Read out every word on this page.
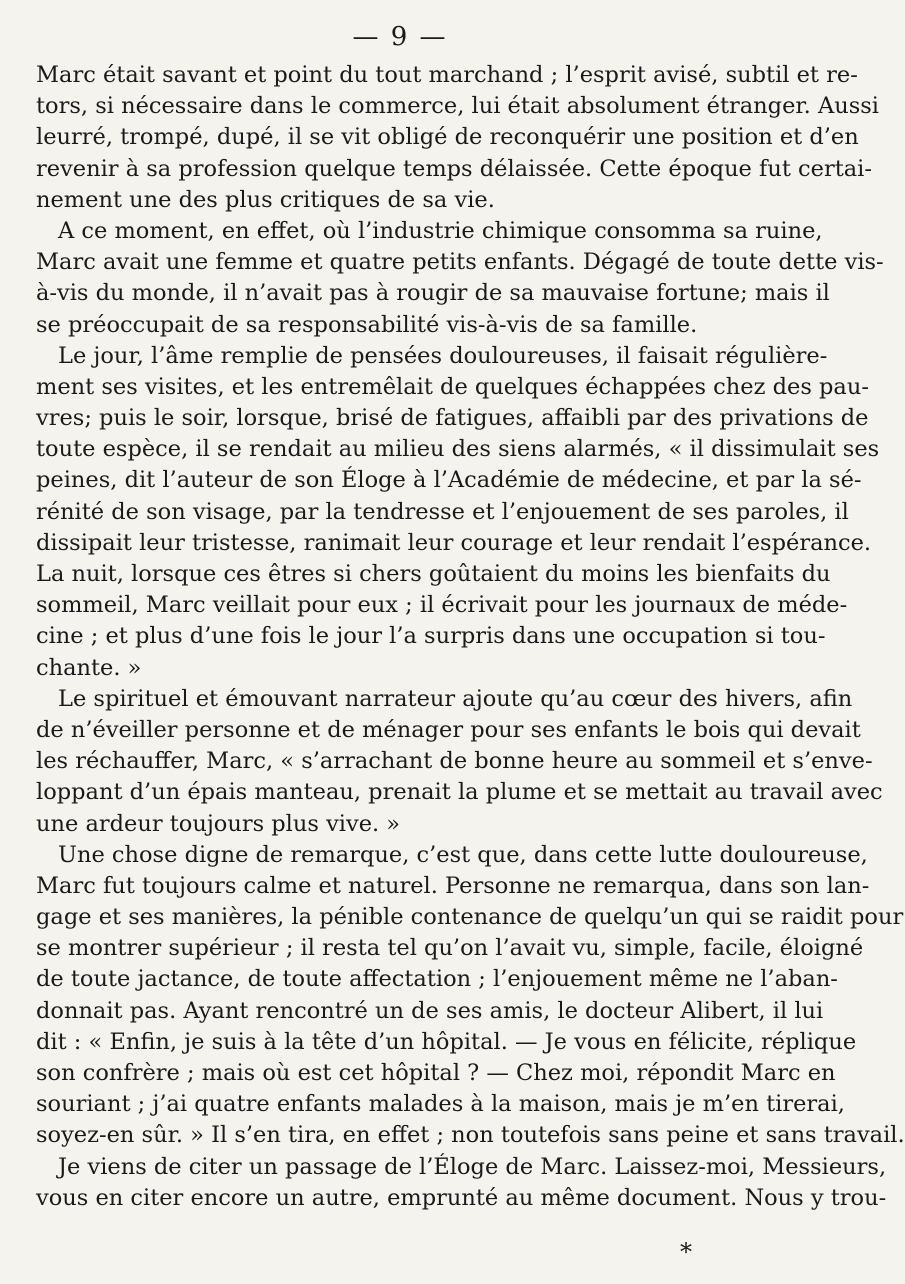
— 9 —
Marc était savant et point du tout marchand ; l’esprit avisé, subtil et re-
tors, si nécessaire dans le commerce, lui était absolument étranger. Aussi
leurré, trompé, dupé, il se vit obligé de reconquérir une position et d’en
revenir à sa profession quelque temps délaissée. Cette époque fut certai-
nement une des plus critiques de sa vie.
A ce moment, en effet, où l’industrie chimique consomma sa ruine,
Marc avait une femme et quatre petits enfants. Dégagé de toute dette vis-
à-vis du monde, il n’avait pas à rougir de sa mauvaise fortune; mais il
se préoccupait de sa responsabilité vis-à-vis de sa famille.
Le jour, l’âme remplie de pensées douloureuses, il faisait régulière-
ment ses visites, et les entremêlait de quelques échappées chez des pau-
vres; puis le soir, lorsque, brisé de fatigues, affaibli par des privations de
toute espèce, il se rendait au milieu des siens alarmés, « il dissimulait ses
peines, dit l’auteur de son Éloge à l’Académie de médecine, et par la sé-
rénité de son visage, par la tendresse et l’enjouement de ses paroles, il
dissipait leur tristesse, ranimait leur courage et leur rendait l’espérance.
La nuit, lorsque ces êtres si chers goûtaient du moins les bienfaits du
sommeil, Marc veillait pour eux ; il écrivait pour les journaux de méde-
cine ; et plus d’une fois le jour l’a surpris dans une occupation si tou-
chante. »
Le spirituel et émouvant narrateur ajoute qu’au cœur des hivers, afin
de n’éveiller personne et de ménager pour ses enfants le bois qui devait
les réchauffer, Marc, « s’arrachant de bonne heure au sommeil et s’enve-
loppant d’un épais manteau, prenait la plume et se mettait au travail avec
une ardeur toujours plus vive. »
Une chose digne de remarque, c’est que, dans cette lutte douloureuse,
Marc fut toujours calme et naturel. Personne ne remarqua, dans son lan-
gage et ses manières, la pénible contenance de quelqu’un qui se raidit pour
se montrer supérieur ; il resta tel qu’on l’avait vu, simple, facile, éloigné
de toute jactance, de toute affectation ; l’enjouement même ne l’aban-
donnait pas. Ayant rencontré un de ses amis, le docteur Alibert, il lui
dit : « Enfin, je suis à la tête d’un hôpital. — Je vous en félicite, réplique
son confrère ; mais où est cet hôpital ? — Chez moi, répondit Marc en
souriant ; j’ai quatre enfants malades à la maison, mais je m’en tirerai,
soyez-en sûr. » Il s’en tira, en effet ; non toutefois sans peine et sans travail.
Je viens de citer un passage de l’Éloge de Marc. Laissez-moi, Messieurs,
vous en citer encore un autre, emprunté au même document. Nous y trou-
*
